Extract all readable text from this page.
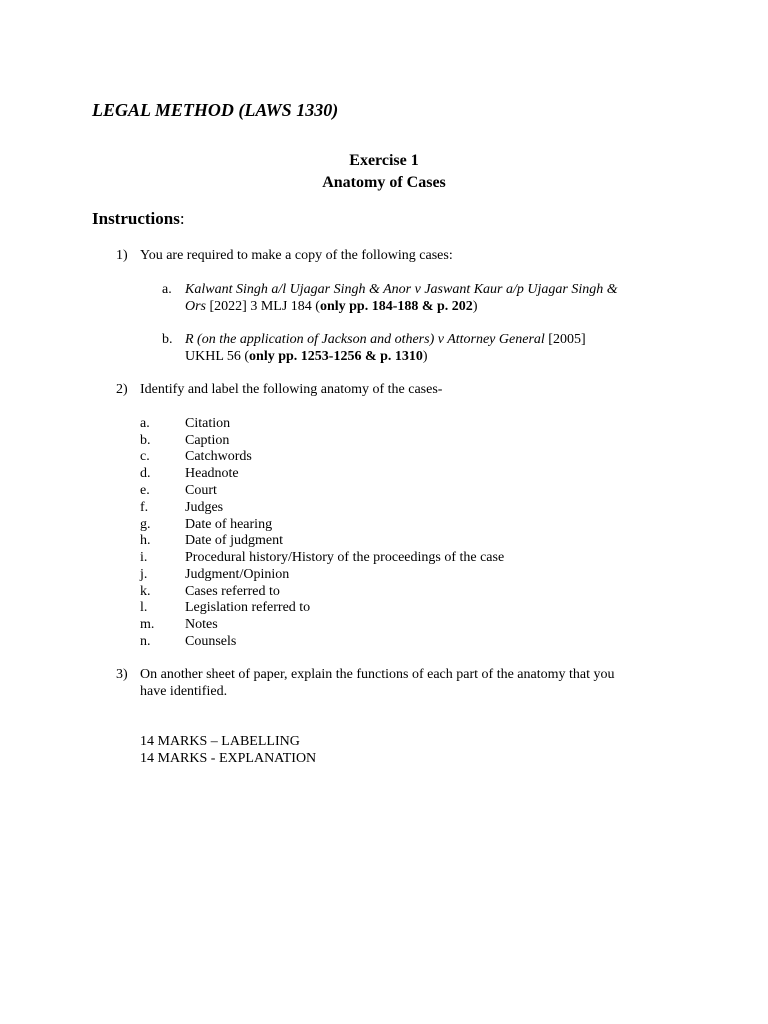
LEGAL METHOD (LAWS 1330)
Exercise 1
Anatomy of Cases
Instructions:
1) You are required to make a copy of the following cases:
a. Kalwant Singh a/l Ujagar Singh & Anor v Jaswant Kaur a/p Ujagar Singh &
Ors [2022] 3 MLJ 184 (only pp. 184-188 & p. 202)
b. R (on the application of Jackson and others) v Attorney General [2005]
UKHL 56 (only pp. 1253-1256 & p. 1310)
2) Identify and label the following anatomy of the cases-
a.	Citation
b. Caption
c.	Catchwords
d. Headnote
e.	Court
f.	Judges
g. Date of hearing
h. Date of judgment
i.	Procedural history/History of the proceedings of the case
j.	Judgment/Opinion
k. Cases referred to
l.	Legislation referred to
m. Notes
n. Counsels
3) On another sheet of paper, explain the functions of each part of the anatomy that you
have identified.
14 MARKS – LABELLING
14 MARKS - EXPLANATION
